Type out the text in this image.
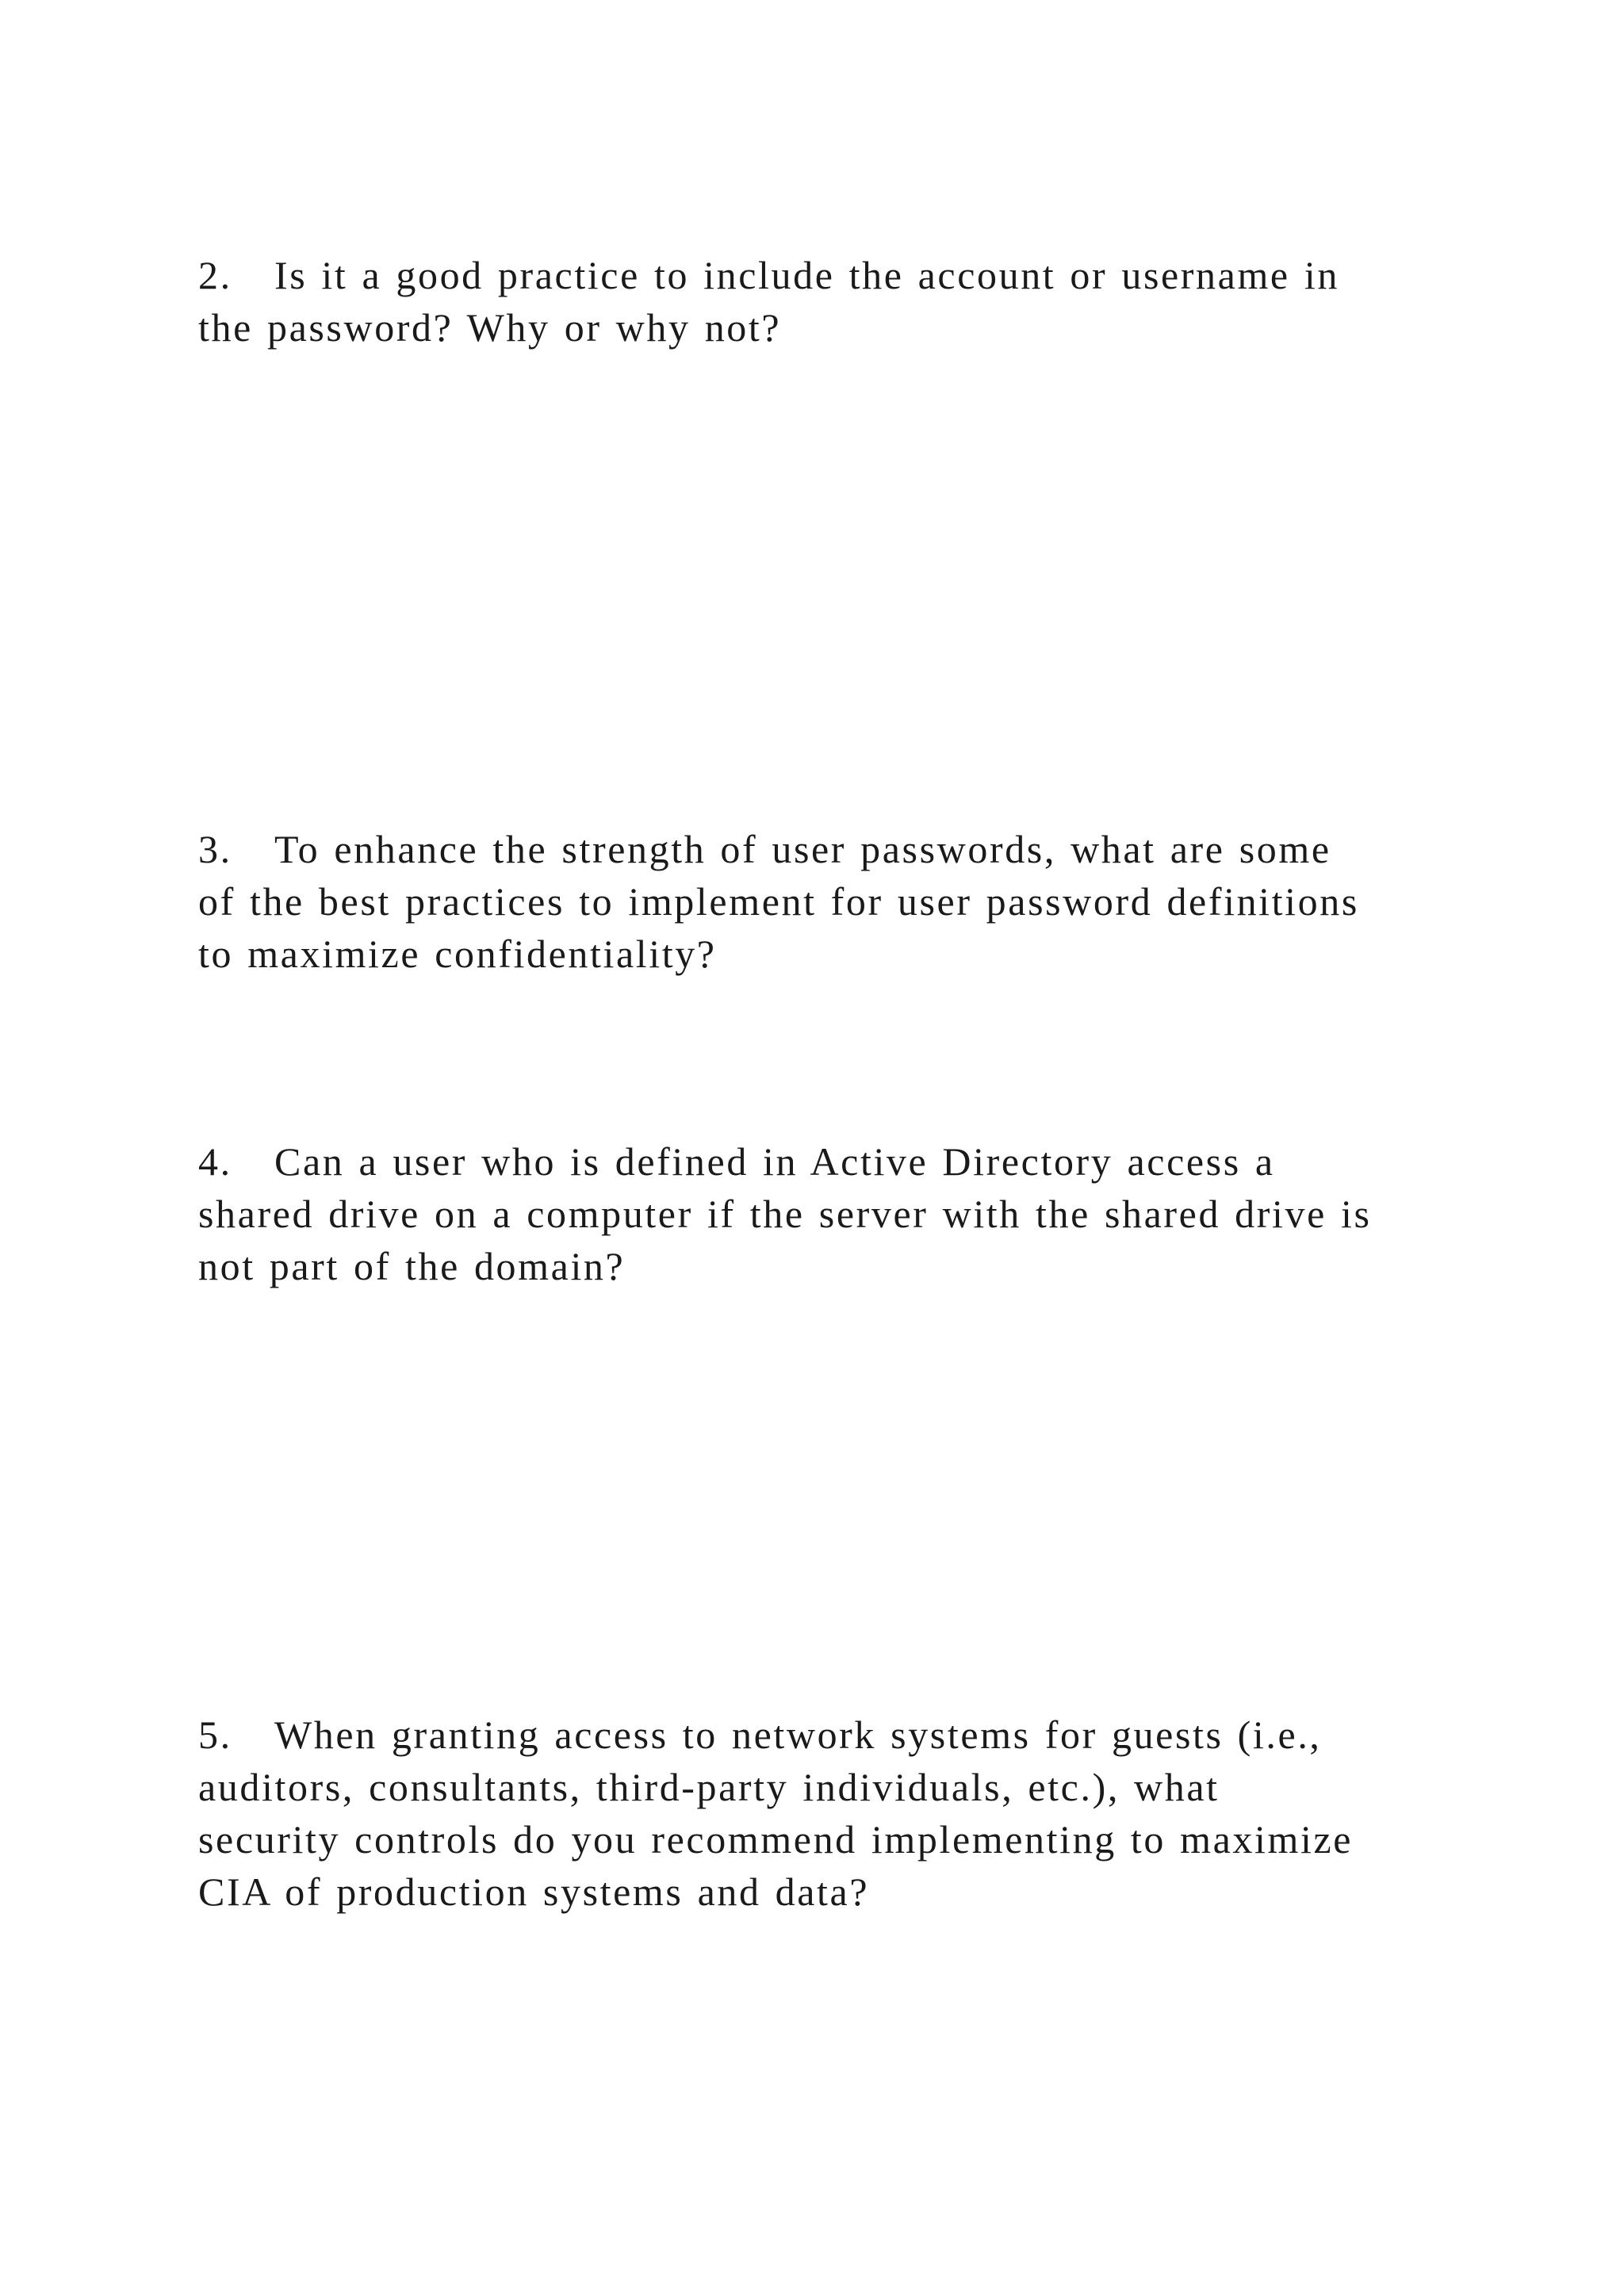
2. Is it a good practice to include the account or username in
the password? Why or why not?

3. To enhance the strength of user passwords, what are some
of the best practices to implement for user password definitions
to maximize confidentiality?

4. Can a user who is defined in Active Directory access a
shared drive on a computer if the server with the shared drive is
not part of the domain?

5. When granting access to network systems for guests (i.e.,
auditors, consultants, third-party individuals, etc.), what
security controls do you recommend implementing to maximize
CIA of production systems and data?
